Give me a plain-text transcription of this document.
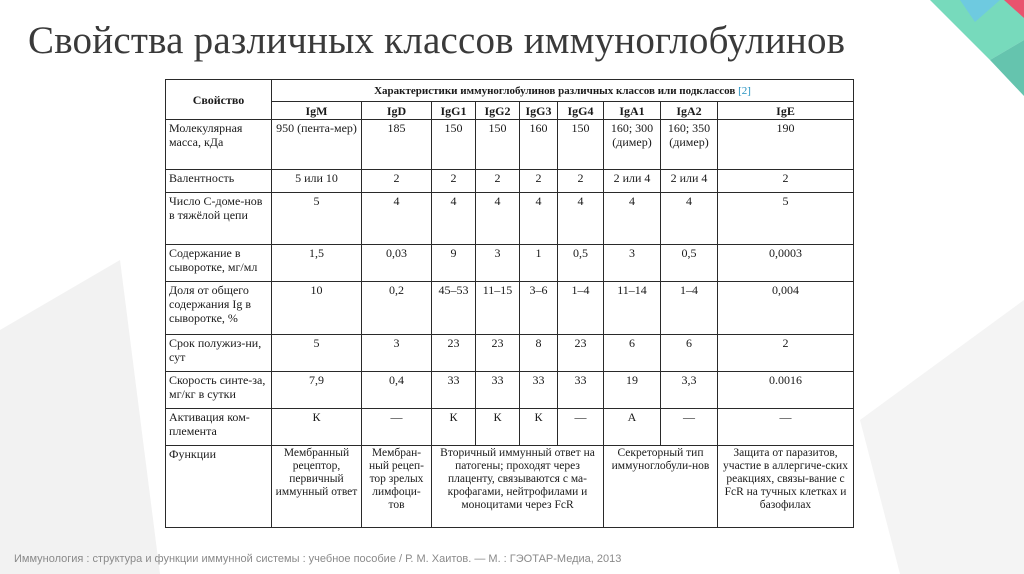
Свойства различных классов иммуноглобулинов
Свойство	Характеристики иммуноглобулинов различных классов или подклассов [2]								
	IgM	IgD	IgG1	IgG2	IgG3	IgG4	IgA1	IgA2	IgE
Молекулярная масса, кДа	950 (пента-мер)	185	150	150	160	150	160; 300 (димер)	160; 350 (димер)	190
Валентность	5 или 10	2	2	2	2	2	2 или 4	2 или 4	2
Число С-доме-нов в тяжёлой цепи	5	4	4	4	4	4	4	4	5
Содержание в сыворотке, мг/мл	1,5	0,03	9	3	1	0,5	3	0,5	0,0003
Доля от общего содержания Ig в сыворотке, %	10	0,2	45–53	11–15	3–6	1–4	11–14	1–4	0,004
Срок полужиз-ни, сут	5	3	23	23	8	23	6	6	2
Скорость синте-за, мг/кг в сутки	7,9	0,4	33	33	33	33	19	3,3	0.0016
Активация ком-племента	К	—	К	К	К	—	А	—	—
Функции	Мембранный рецептор, первичный иммунный ответ	Мембран-ный рецеп-тор зрелых лимфоци-тов	Вторичный иммунный ответ на патогены; проходят через плаценту, связываются с ма-крофагами, нейтрофилами и моноцитами через FcR				Секреторный тип иммуноглобули-нов		Защита от паразитов, участие в аллергиче-ских реакциях, связы-вание с FcR на тучных клетках и базофилах
Иммунология : структура и функции иммунной системы : учебное пособие / Р. М. Хаитов. — М. : ГЭОТАР-Медиа, 2013
